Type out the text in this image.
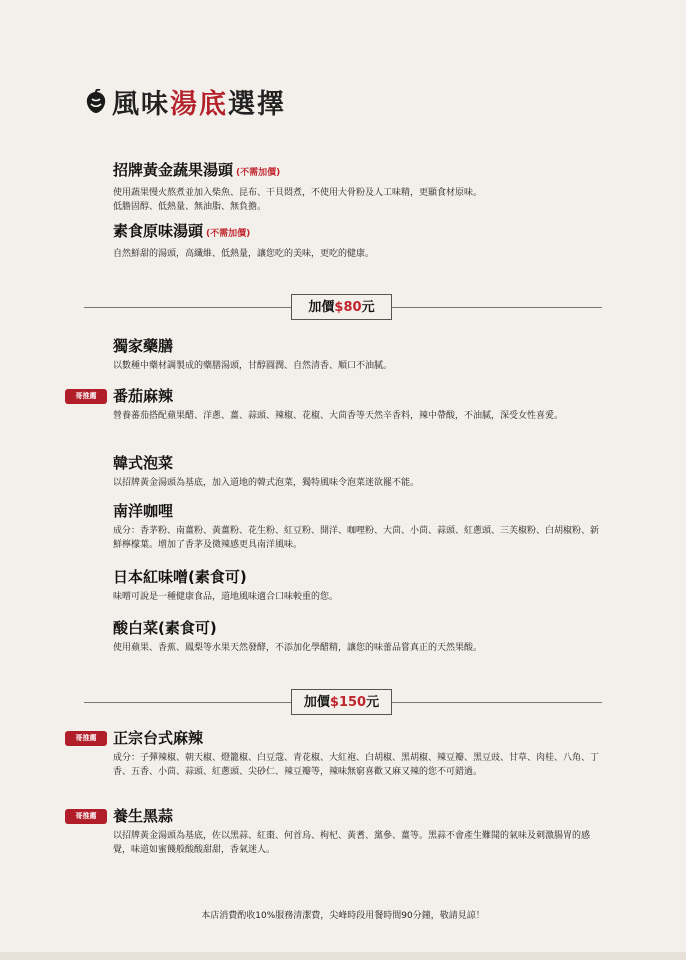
風味湯底選擇
招牌黃金蔬果湯頭 (不需加價)
使用蔬果慢火熬煮並加入柴魚、昆布、干貝悶煮，不使用大骨粉及人工味精，更顯食材原味。
低膽固醇、低熱量、無油脂、無負擔。
素食原味湯頭 (不需加價)
自然鮮甜的湯頭，高纖維、低熱量，讓您吃的美味，更吃的健康。
加價$80元
獨家藥膳
以數種中藥材調製成的藥膳湯頭，甘醇圓潤、自然清香、順口不油膩。
哥推薦	番茄麻辣
營養蕃茄搭配蘋果醋、洋蔥、薑、蒜頭、辣椒、花椒、大茴香等天然辛香料，辣中帶酸，不油膩，深受女性喜愛。
韓式泡菜
以招牌黃金湯頭為基底，加入道地的韓式泡菜，獨特風味令泡菜迷欲罷不能。
南洋咖哩
成分：香茅粉、南薑粉、黃薑粉、花生粉、紅豆粉、開洋、咖哩粉、大茴、小茴、蒜頭、紅蔥頭、三芙椒粉、白胡椒粉、新鮮檸檬葉。增加了香茅及微辣感更具南洋風味。
日本紅味噌(素食可)
味噌可說是一種健康食品，道地風味適合口味較重的您。
酸白菜(素食可)
使用蘋果、香蕉、鳳梨等水果天然發酵，不添加化學醋精，讓您的味蕾品嘗真正的天然果酸。
加價$150元
哥推薦	正宗台式麻辣
成分：子彈辣椒、朝天椒、燈籠椒、白豆蔻、青花椒、大紅袍、白胡椒、黑胡椒、辣豆瓣、黑豆豉、甘草、肉桂、八角、丁香、五香、小茴、蒜頭、紅蔥頭、尖砂仁、辣豆瓣等，辣味無窮喜歡又麻又辣的您不可錯過。
哥推薦	養生黑蒜
以招牌黃金湯頭為基底，佐以黑蒜、紅棗、何首烏、枸杞、黃耆、黨參、薑等。黑蒜不會產生難聞的氣味及刺激腸胃的感覺，味道如蜜餞般酸酸甜甜，香氣迷人。
本店消費酌收10%服務清潔費，尖峰時段用餐時間90分鐘，敬請見諒！
